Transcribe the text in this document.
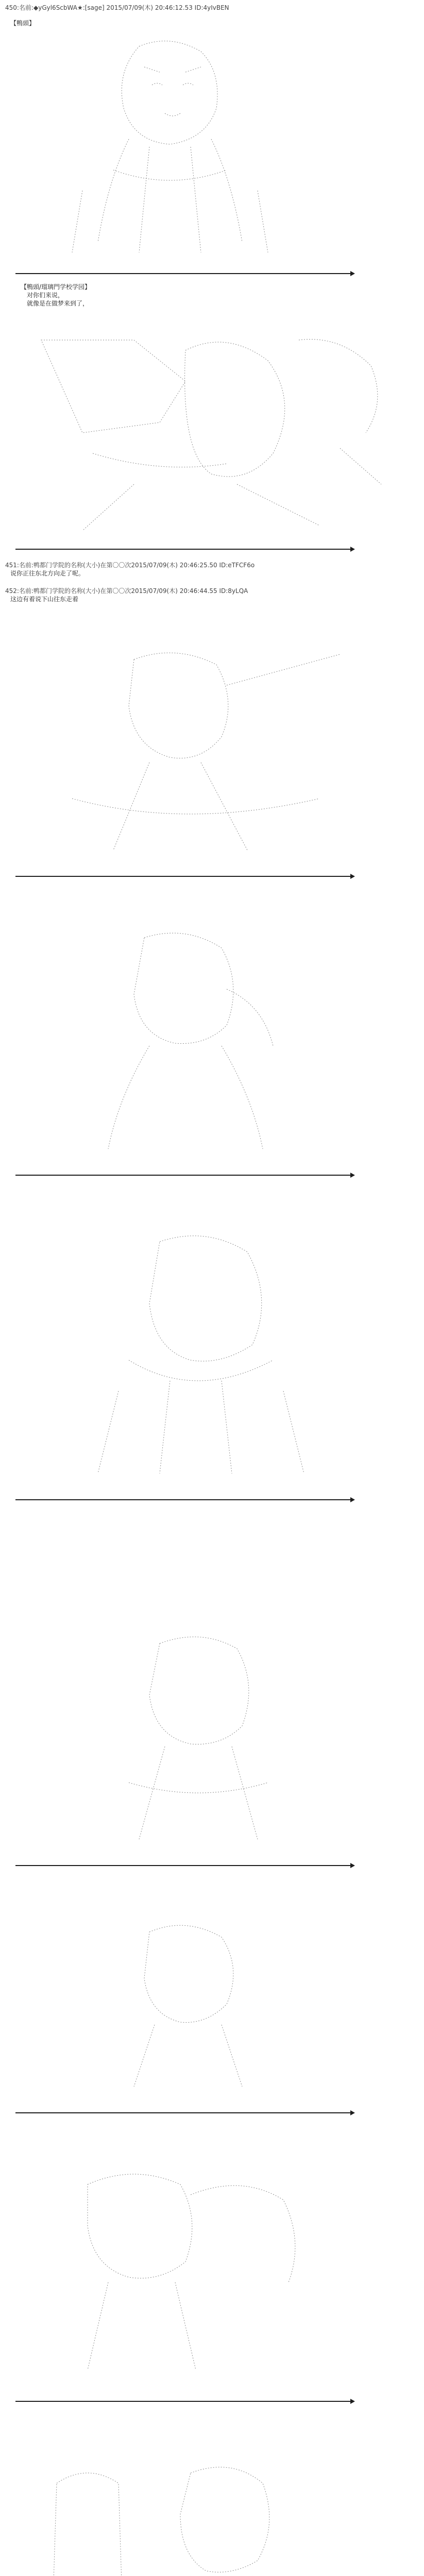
450:名前:◆yGyl6ScbWA★:[sage] 2015/07/09(木) 20:46:12.53 ID:4yIvBEN
【鴨頭】
【鴨頭/瑠璃門学校学园】
对你们来说，
就像是在做梦来到了，
451:名前:鸭都门学院的名称(大小)在第〇〇次2015/07/09(木) 20:46:25.50 ID:eTFCF6o
说你正往东北方向走了呢。
452:名前:鸭都门学院的名称(大小)在第〇〇次2015/07/09(木) 20:46:44.55 ID:8yLQA
这边有着说下山往东走着
